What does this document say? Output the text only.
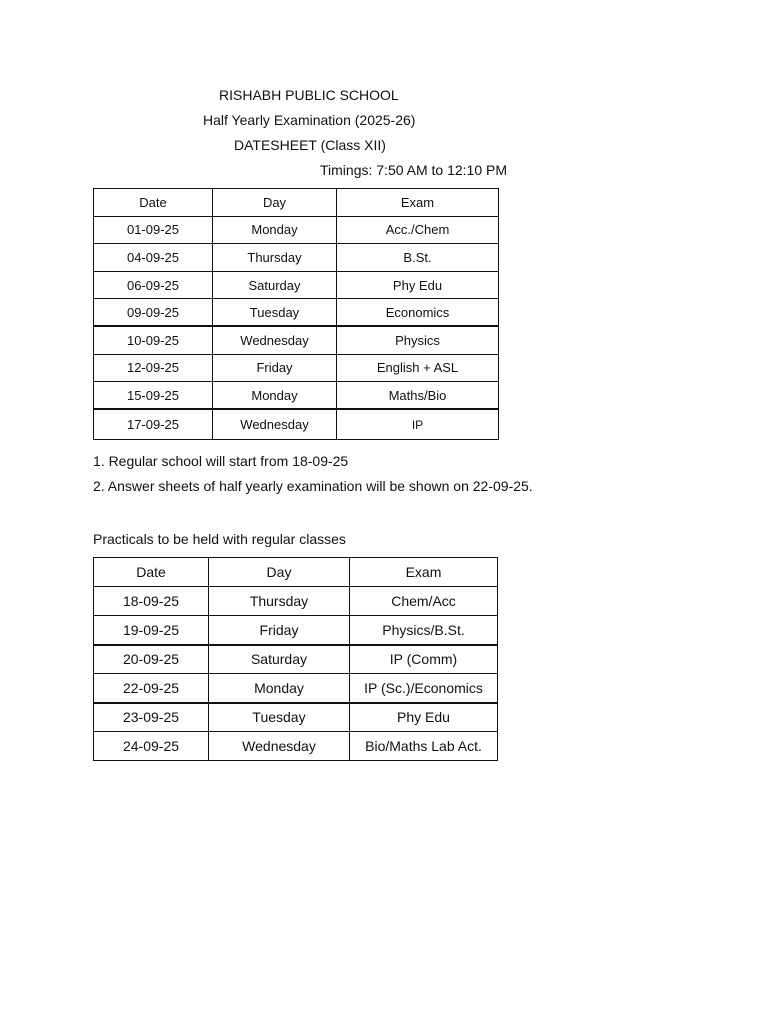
RISHABH PUBLIC SCHOOL
Half Yearly Examination (2025-26)
DATESHEET (Class XII)
Timings: 7:50 AM to 12:10 PM
Date	Day	Exam
01-09-25	Monday	Acc./Chem
04-09-25	Thursday	B.St.
06-09-25	Saturday	Phy Edu
09-09-25	Tuesday	Economics
10-09-25	Wednesday	Physics
12-09-25	Friday	English + ASL
15-09-25	Monday	Maths/Bio
17-09-25	Wednesday	IP
1. Regular school will start from 18-09-25
2. Answer sheets of half yearly examination will be shown on 22-09-25.
Practicals to be held with regular classes
Date	Day	Exam
18-09-25	Thursday	Chem/Acc
19-09-25	Friday	Physics/B.St.
20-09-25	Saturday	IP (Comm)
22-09-25	Monday	IP (Sc.)/Economics
23-09-25	Tuesday	Phy Edu
24-09-25	Wednesday	Bio/Maths Lab Act.
